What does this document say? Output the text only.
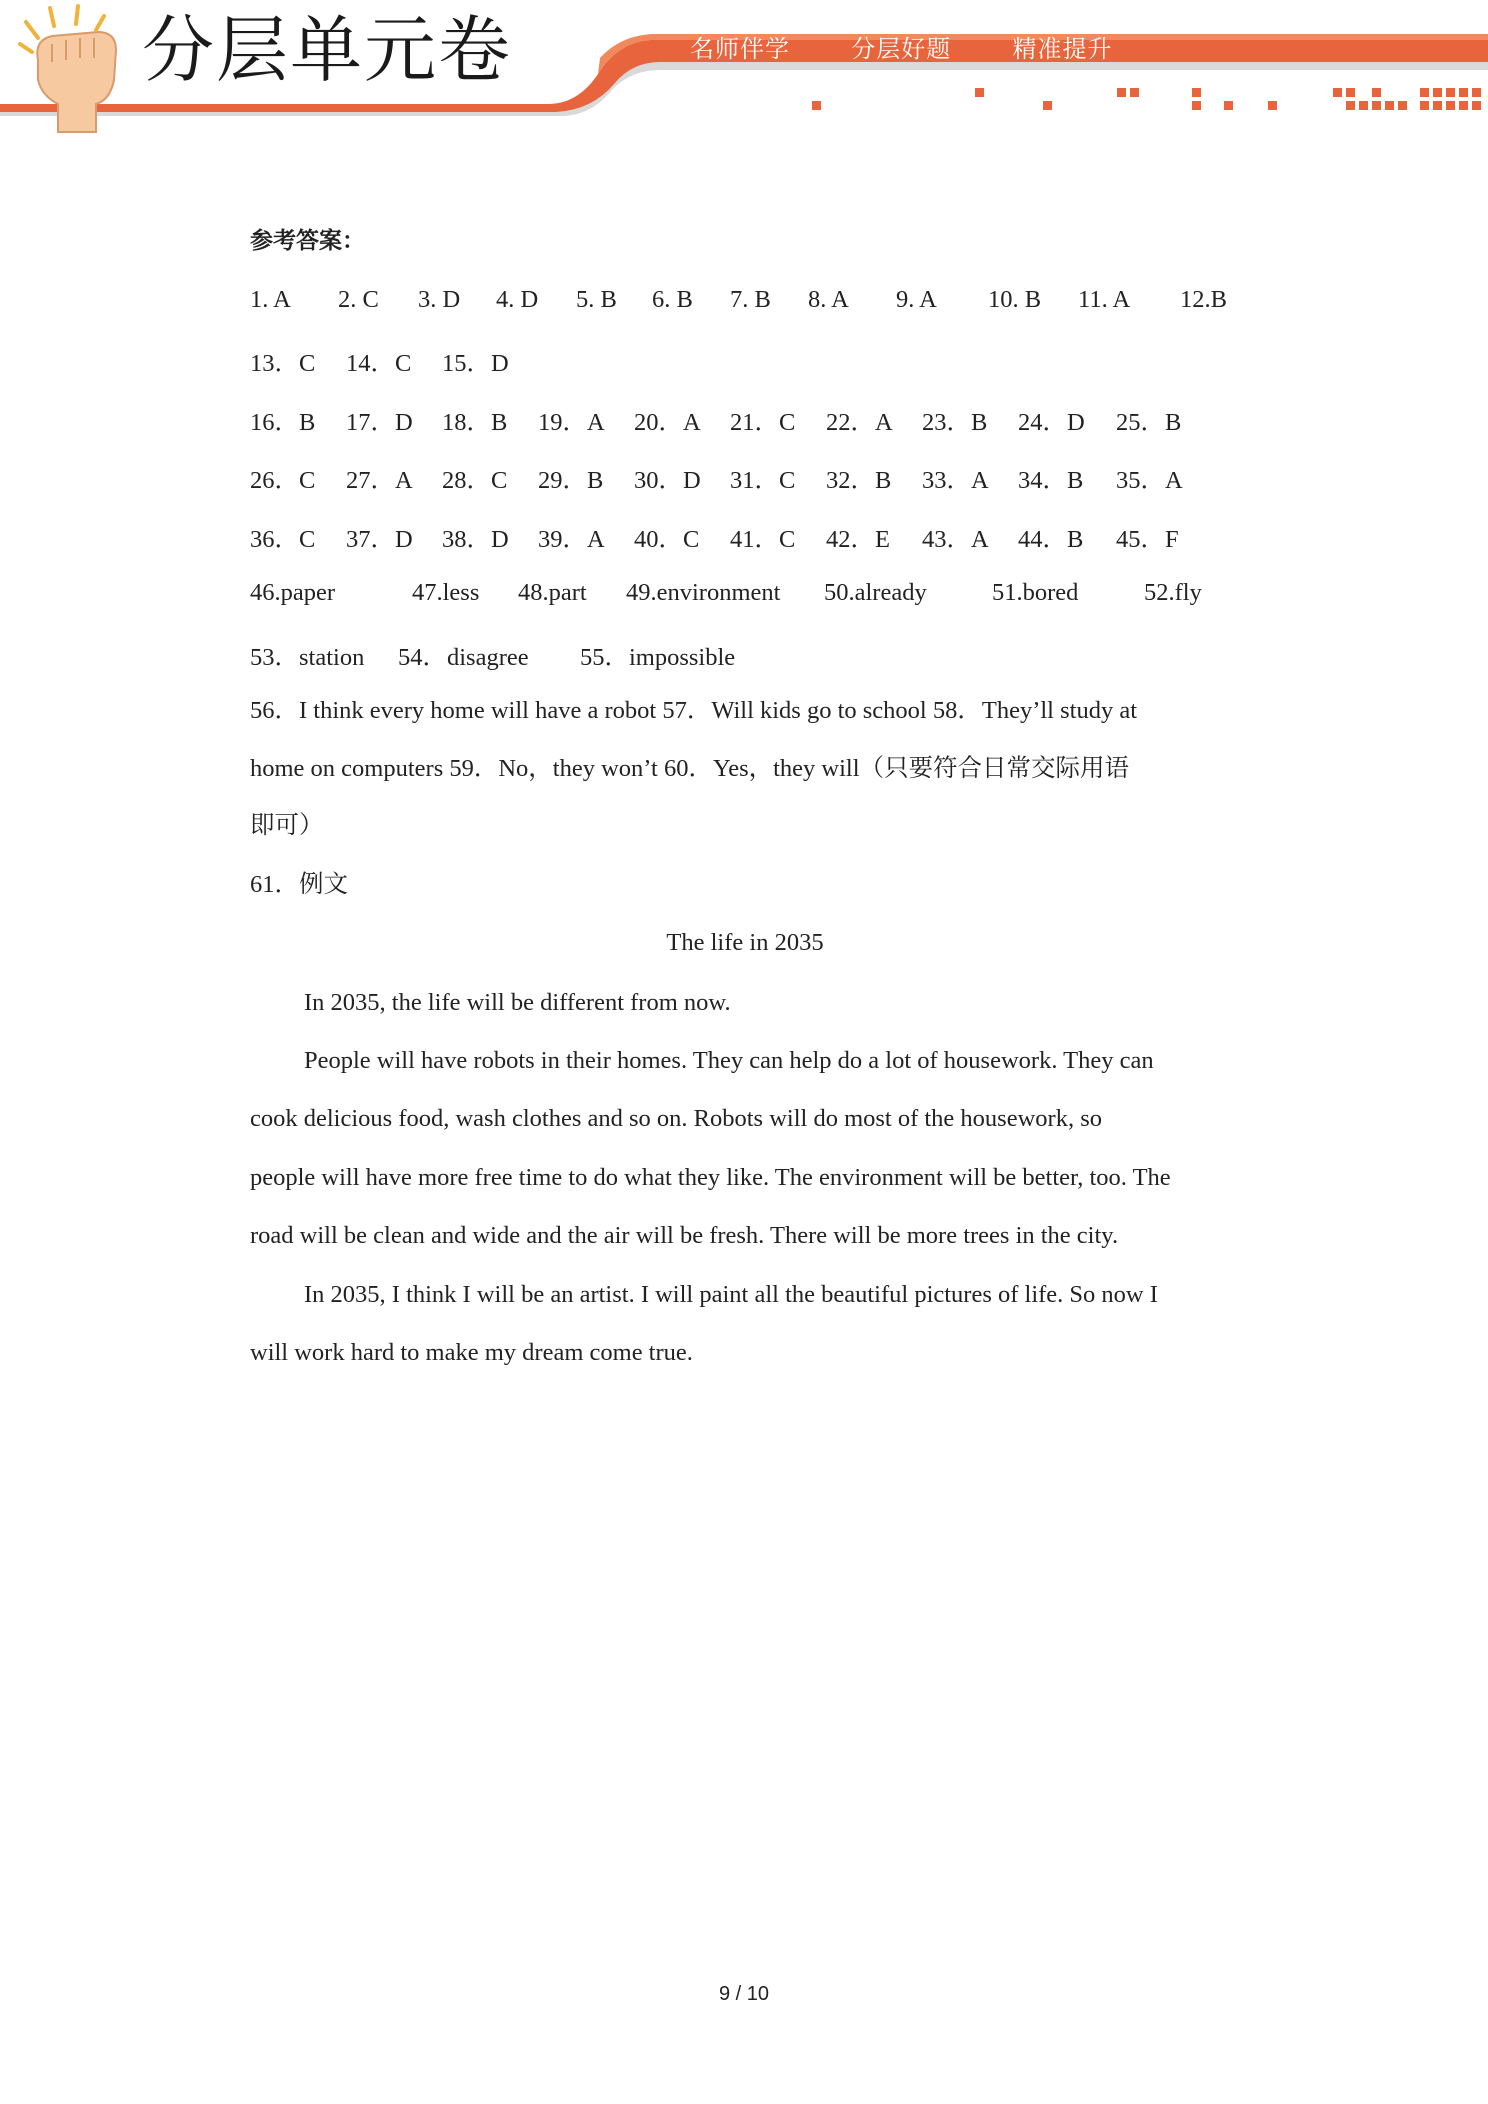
分层单元卷	名师伴学  分层好题  精准提升
参考答案：
1. A 2. C 3. D 4. D 5. B 6. B 7. B 8. A 9. A 10. B 11. A 12.B
13．C 14．C 15．D
16．B 17．D 18．B 19．A 20．A 21．C 22．A 23．B 24．D 25．B
26．C 27．A 28．C 29．B 30．D 31．C 32．B 33．A 34．B 35．A
36．C 37．D 38．D 39．A 40．C 41．C 42．E 43．A 44．B 45．F
46.paper	47.less 48.part 49.environment 50.already	51.bored	52.fly
53．station 54．disagree 55．impossible
56．I think every home will have a robot 57．Will kids go to school 58．They’ll study at
home on computers 59．No，they won’t 60．Yes，they will（只要符合日常交际用语
即可）
61．例文
The life in 2035
In 2035, the life will be different from now.
People will have robots in their homes. They can help do a lot of housework. They can
cook delicious food, wash clothes and so on. Robots will do most of the housework, so
people will have more free time to do what they like. The environment will be better, too. The
road will be clean and wide and the air will be fresh. There will be more trees in the city.
In 2035, I think I will be an artist. I will paint all the beautiful pictures of life. So now I
will work hard to make my dream come true.
9 / 10
